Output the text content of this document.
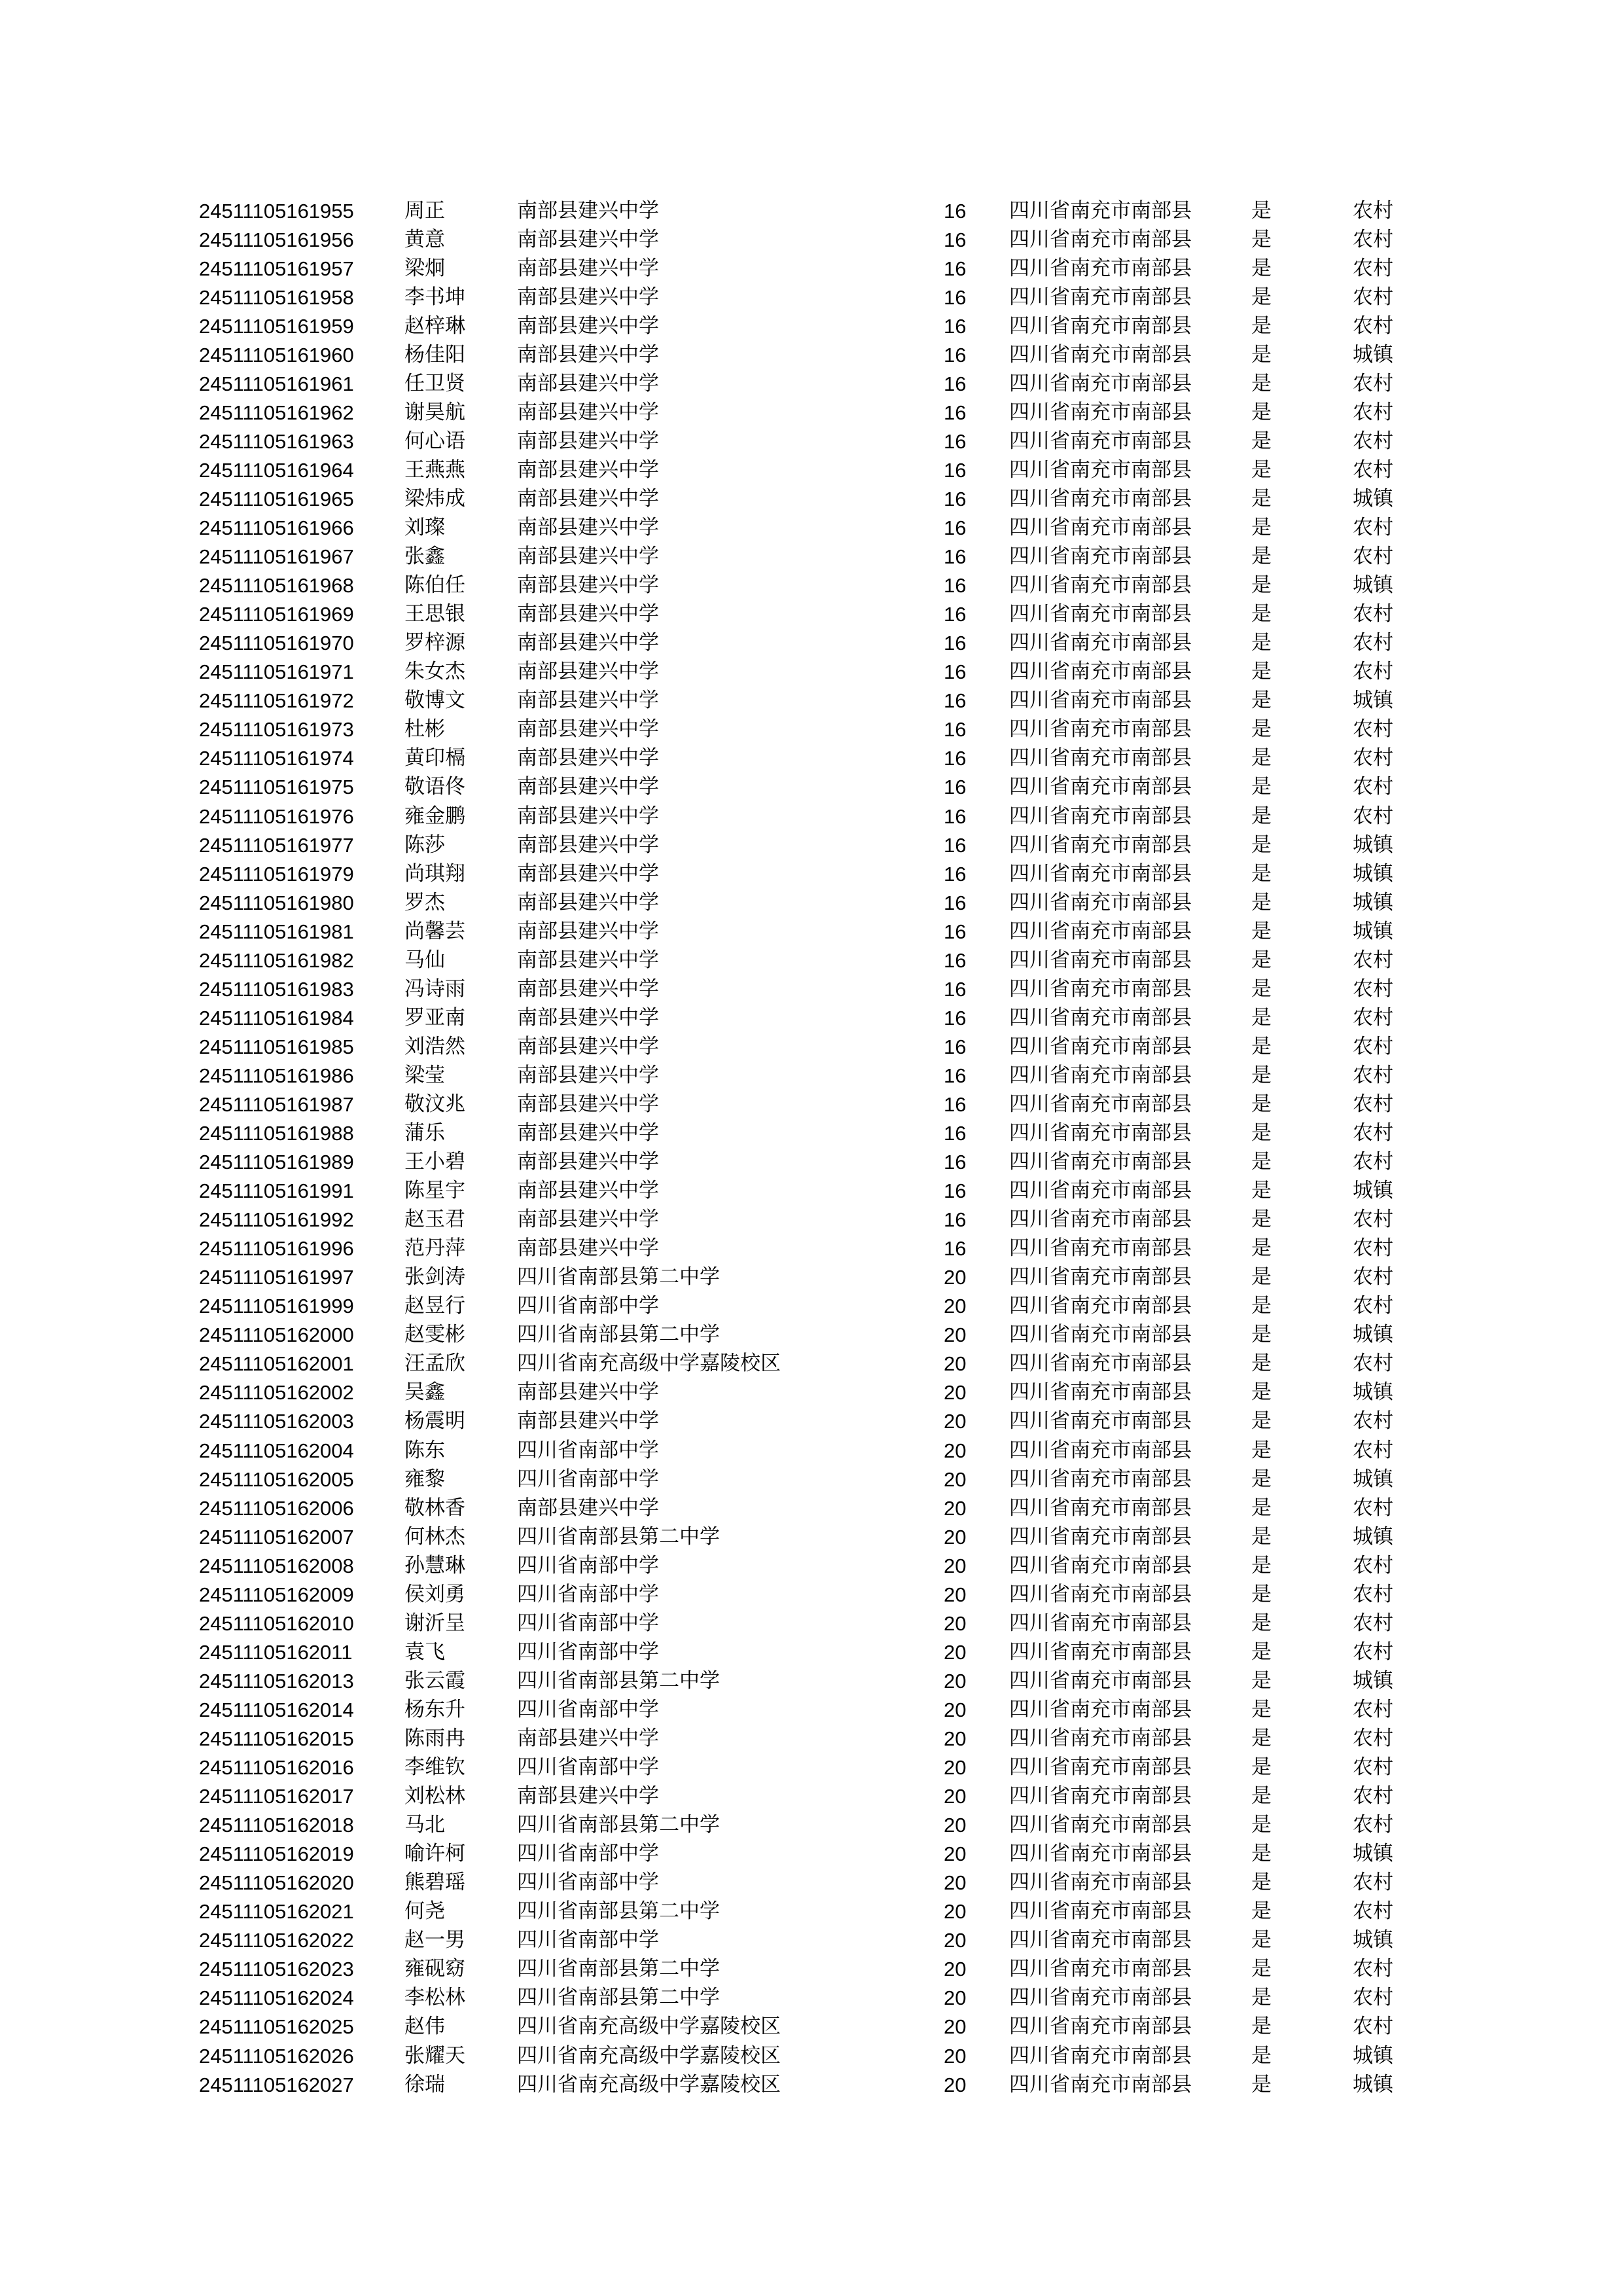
24511105161955	周正	南部县建兴中学	16	四川省南充市南部县	是	农村
24511105161956	黄意	南部县建兴中学	16	四川省南充市南部县	是	农村
24511105161957	梁炯	南部县建兴中学	16	四川省南充市南部县	是	农村
24511105161958	李书坤	南部县建兴中学	16	四川省南充市南部县	是	农村
24511105161959	赵梓琳	南部县建兴中学	16	四川省南充市南部县	是	农村
24511105161960	杨佳阳	南部县建兴中学	16	四川省南充市南部县	是	城镇
24511105161961	任卫贤	南部县建兴中学	16	四川省南充市南部县	是	农村
24511105161962	谢昊航	南部县建兴中学	16	四川省南充市南部县	是	农村
24511105161963	何心语	南部县建兴中学	16	四川省南充市南部县	是	农村
24511105161964	王燕燕	南部县建兴中学	16	四川省南充市南部县	是	农村
24511105161965	梁炜成	南部县建兴中学	16	四川省南充市南部县	是	城镇
24511105161966	刘璨	南部县建兴中学	16	四川省南充市南部县	是	农村
24511105161967	张鑫	南部县建兴中学	16	四川省南充市南部县	是	农村
24511105161968	陈伯任	南部县建兴中学	16	四川省南充市南部县	是	城镇
24511105161969	王思银	南部县建兴中学	16	四川省南充市南部县	是	农村
24511105161970	罗梓源	南部县建兴中学	16	四川省南充市南部县	是	农村
24511105161971	朱女杰	南部县建兴中学	16	四川省南充市南部县	是	农村
24511105161972	敬博文	南部县建兴中学	16	四川省南充市南部县	是	城镇
24511105161973	杜彬	南部县建兴中学	16	四川省南充市南部县	是	农村
24511105161974	黄印槅	南部县建兴中学	16	四川省南充市南部县	是	农村
24511105161975	敬语佟	南部县建兴中学	16	四川省南充市南部县	是	农村
24511105161976	雍金鹏	南部县建兴中学	16	四川省南充市南部县	是	农村
24511105161977	陈莎	南部县建兴中学	16	四川省南充市南部县	是	城镇
24511105161979	尚琪翔	南部县建兴中学	16	四川省南充市南部县	是	城镇
24511105161980	罗杰	南部县建兴中学	16	四川省南充市南部县	是	城镇
24511105161981	尚馨芸	南部县建兴中学	16	四川省南充市南部县	是	城镇
24511105161982	马仙	南部县建兴中学	16	四川省南充市南部县	是	农村
24511105161983	冯诗雨	南部县建兴中学	16	四川省南充市南部县	是	农村
24511105161984	罗亚南	南部县建兴中学	16	四川省南充市南部县	是	农村
24511105161985	刘浩然	南部县建兴中学	16	四川省南充市南部县	是	农村
24511105161986	梁莹	南部县建兴中学	16	四川省南充市南部县	是	农村
24511105161987	敬汶兆	南部县建兴中学	16	四川省南充市南部县	是	农村
24511105161988	蒲乐	南部县建兴中学	16	四川省南充市南部县	是	农村
24511105161989	王小碧	南部县建兴中学	16	四川省南充市南部县	是	农村
24511105161991	陈星宇	南部县建兴中学	16	四川省南充市南部县	是	城镇
24511105161992	赵玉君	南部县建兴中学	16	四川省南充市南部县	是	农村
24511105161996	范丹萍	南部县建兴中学	16	四川省南充市南部县	是	农村
24511105161997	张剑涛	四川省南部县第二中学	20	四川省南充市南部县	是	农村
24511105161999	赵昱行	四川省南部中学	20	四川省南充市南部县	是	农村
24511105162000	赵雯彬	四川省南部县第二中学	20	四川省南充市南部县	是	城镇
24511105162001	汪孟欣	四川省南充高级中学嘉陵校区	20	四川省南充市南部县	是	农村
24511105162002	吴鑫	南部县建兴中学	20	四川省南充市南部县	是	城镇
24511105162003	杨震明	南部县建兴中学	20	四川省南充市南部县	是	农村
24511105162004	陈东	四川省南部中学	20	四川省南充市南部县	是	农村
24511105162005	雍黎	四川省南部中学	20	四川省南充市南部县	是	城镇
24511105162006	敬林香	南部县建兴中学	20	四川省南充市南部县	是	农村
24511105162007	何林杰	四川省南部县第二中学	20	四川省南充市南部县	是	城镇
24511105162008	孙慧琳	四川省南部中学	20	四川省南充市南部县	是	农村
24511105162009	侯刘勇	四川省南部中学	20	四川省南充市南部县	是	农村
24511105162010	谢沂呈	四川省南部中学	20	四川省南充市南部县	是	农村
24511105162011	袁飞	四川省南部中学	20	四川省南充市南部县	是	农村
24511105162013	张云霞	四川省南部县第二中学	20	四川省南充市南部县	是	城镇
24511105162014	杨东升	四川省南部中学	20	四川省南充市南部县	是	农村
24511105162015	陈雨冉	南部县建兴中学	20	四川省南充市南部县	是	农村
24511105162016	李维钦	四川省南部中学	20	四川省南充市南部县	是	农村
24511105162017	刘松林	南部县建兴中学	20	四川省南充市南部县	是	农村
24511105162018	马北	四川省南部县第二中学	20	四川省南充市南部县	是	农村
24511105162019	喻许柯	四川省南部中学	20	四川省南充市南部县	是	城镇
24511105162020	熊碧瑶	四川省南部中学	20	四川省南充市南部县	是	农村
24511105162021	何尧	四川省南部县第二中学	20	四川省南充市南部县	是	农村
24511105162022	赵一男	四川省南部中学	20	四川省南充市南部县	是	城镇
24511105162023	雍砚窈	四川省南部县第二中学	20	四川省南充市南部县	是	农村
24511105162024	李松林	四川省南部县第二中学	20	四川省南充市南部县	是	农村
24511105162025	赵伟	四川省南充高级中学嘉陵校区	20	四川省南充市南部县	是	农村
24511105162026	张耀天	四川省南充高级中学嘉陵校区	20	四川省南充市南部县	是	城镇
24511105162027	徐瑞	四川省南充高级中学嘉陵校区	20	四川省南充市南部县	是	城镇
